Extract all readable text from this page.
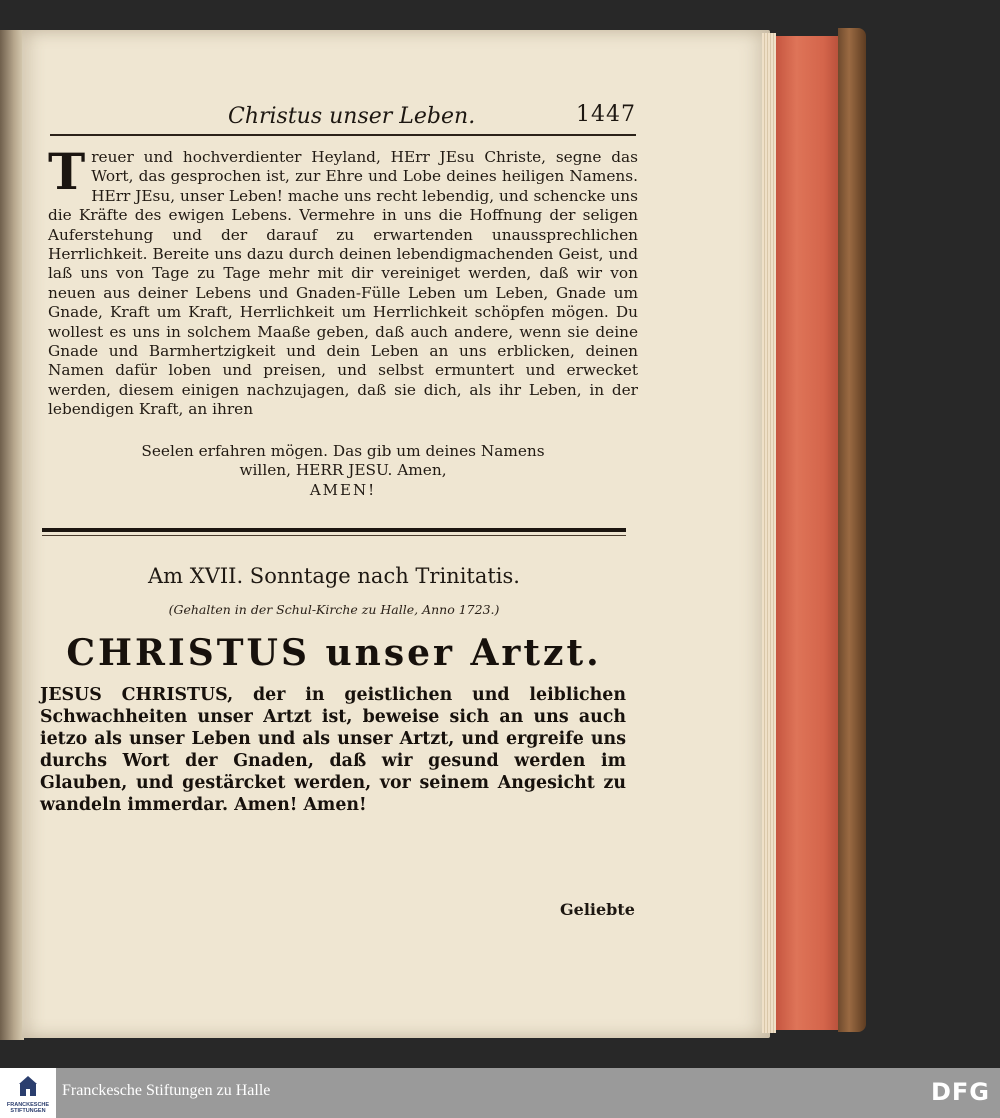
Christus unser Leben.	1447

Treuer und hochverdienter Heyland, HErr JEsu Christe, segne das Wort, das gesprochen ist, zur Ehre und Lobe deines heiligen Namens. HErr JEsu, unser Leben! mache uns recht lebendig, und schencke uns die Kräfte des ewigen Lebens. Vermehre in uns die Hoffnung der seligen Auferstehung und der darauf zu erwartenden unaussprechlichen Herrlichkeit. Bereite uns dazu durch deinen lebendigmachenden Geist, und laß uns von Tage zu Tage mehr mit dir vereiniget werden, daß wir von neuen aus deiner Lebens und Gnaden-Fülle Leben um Leben, Gnade um Gnade, Kraft um Kraft, Herrlichkeit um Herrlichkeit schöpfen mögen. Du wollest es uns in solchem Maaße geben, daß auch andere, wenn sie deine Gnade und Barmhertzigkeit und dein Leben an uns erblicken, deinen Namen dafür loben und preisen, und selbst ermuntert und erwecket werden, diesem einigen nachzujagen, daß sie dich, als ihr Leben, in der lebendigen Kraft, an ihren

Seelen erfahren mögen. Das gib um deines Namens
willen, HERR JESU. Amen,
AMEN!
Am XVII. Sonntage nach Trinitatis.
(Gehalten in der Schul-Kirche zu Halle, Anno 1723.)
CHRISTUS unser Artzt.
JESUS CHRISTUS, der in geistlichen und leiblichen Schwachheiten unser Artzt ist, beweise sich an uns auch ietzo als unser Leben und als unser Artzt, und ergreife uns durchs Wort der Gnaden, daß wir gesund werden im Glauben, und gestärcket werden, vor seinem Angesicht zu wandeln immerdar. Amen! Amen!
Geliebte
FRANCKESCHE STIFTUNGEN
Franckesche Stiftungen zu Halle	DFG
